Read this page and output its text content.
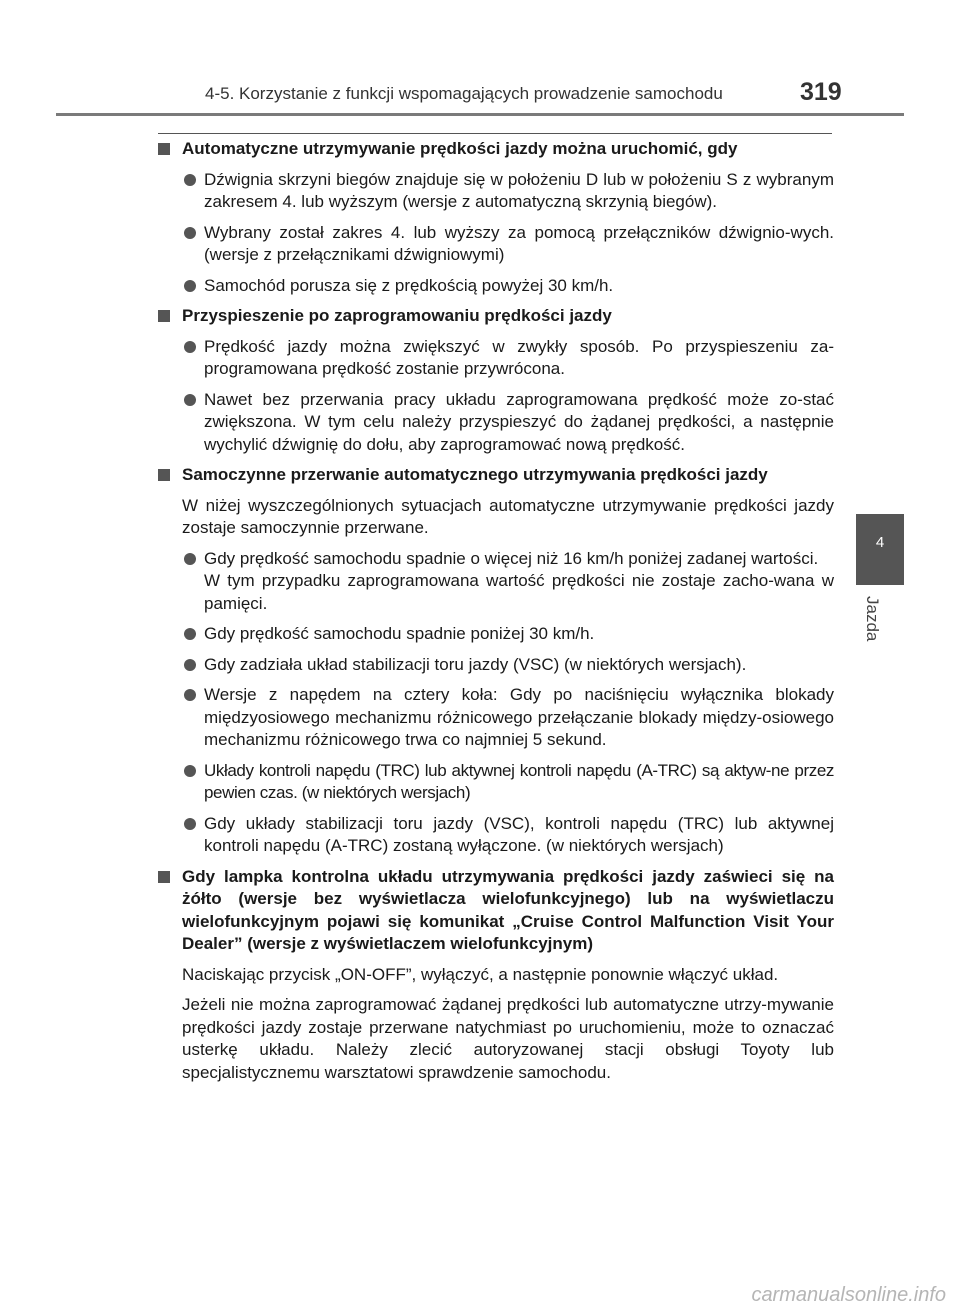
4-5. Korzystanie z funkcji wspomagających prowadzenie samochodu	319
4
Jazda
Automatyczne utrzymywanie prędkości jazdy można uruchomić, gdy
Dźwignia skrzyni biegów znajduje się w położeniu D lub w położeniu S z wybranym zakresem 4. lub wyższym (wersje z automatyczną skrzynią biegów).
Wybrany został zakres 4. lub wyższy za pomocą przełączników dźwignio-wych. (wersje z przełącznikami dźwigniowymi)
Samochód porusza się z prędkością powyżej 30 km/h.
Przyspieszenie po zaprogramowaniu prędkości jazdy
Prędkość jazdy można zwiększyć w zwykły sposób. Po przyspieszeniu za-programowana prędkość zostanie przywrócona.
Nawet bez przerwania pracy układu zaprogramowana prędkość może zo-stać zwiększona. W tym celu należy przyspieszyć do żądanej prędkości, a następnie wychylić dźwignię do dołu, aby zaprogramować nową prędkość.
Samoczynne przerwanie automatycznego utrzymywania prędkości jazdy
W niżej wyszczególnionych sytuacjach automatyczne utrzymywanie prędkości jazdy zostaje samoczynnie przerwane.
Gdy prędkość samochodu spadnie o więcej niż 16 km/h poniżej zadanej wartości.
W tym przypadku zaprogramowana wartość prędkości nie zostaje zacho-wana w pamięci.
Gdy prędkość samochodu spadnie poniżej 30 km/h.
Gdy zadziała układ stabilizacji toru jazdy (VSC) (w niektórych wersjach).
Wersje z napędem na cztery koła: Gdy po naciśnięciu wyłącznika blokady międzyosiowego mechanizmu różnicowego przełączanie blokady między-osiowego mechanizmu różnicowego trwa co najmniej 5 sekund.
Układy kontroli napędu (TRC) lub aktywnej kontroli napędu (A-TRC) są aktyw-ne przez pewien czas. (w niektórych wersjach)
Gdy układy stabilizacji toru jazdy (VSC), kontroli napędu (TRC) lub aktywnej kontroli napędu (A-TRC) zostaną wyłączone. (w niektórych wersjach)
Gdy lampka kontrolna układu utrzymywania prędkości jazdy zaświeci się na żółto (wersje bez wyświetlacza wielofunkcyjnego) lub na wyświetlaczu wielofunkcyjnym pojawi się komunikat „Cruise Control Malfunction Visit Your Dealer” (wersje z wyświetlaczem wielofunkcyjnym)
Naciskając przycisk „ON-OFF”, wyłączyć, a następnie ponownie włączyć układ.
Jeżeli nie można zaprogramować żądanej prędkości lub automatyczne utrzy-mywanie prędkości jazdy zostaje przerwane natychmiast po uruchomieniu, może to oznaczać usterkę układu. Należy zlecić autoryzowanej stacji obsługi Toyoty lub specjalistycznemu warsztatowi sprawdzenie samochodu.
carmanualsonline.info
